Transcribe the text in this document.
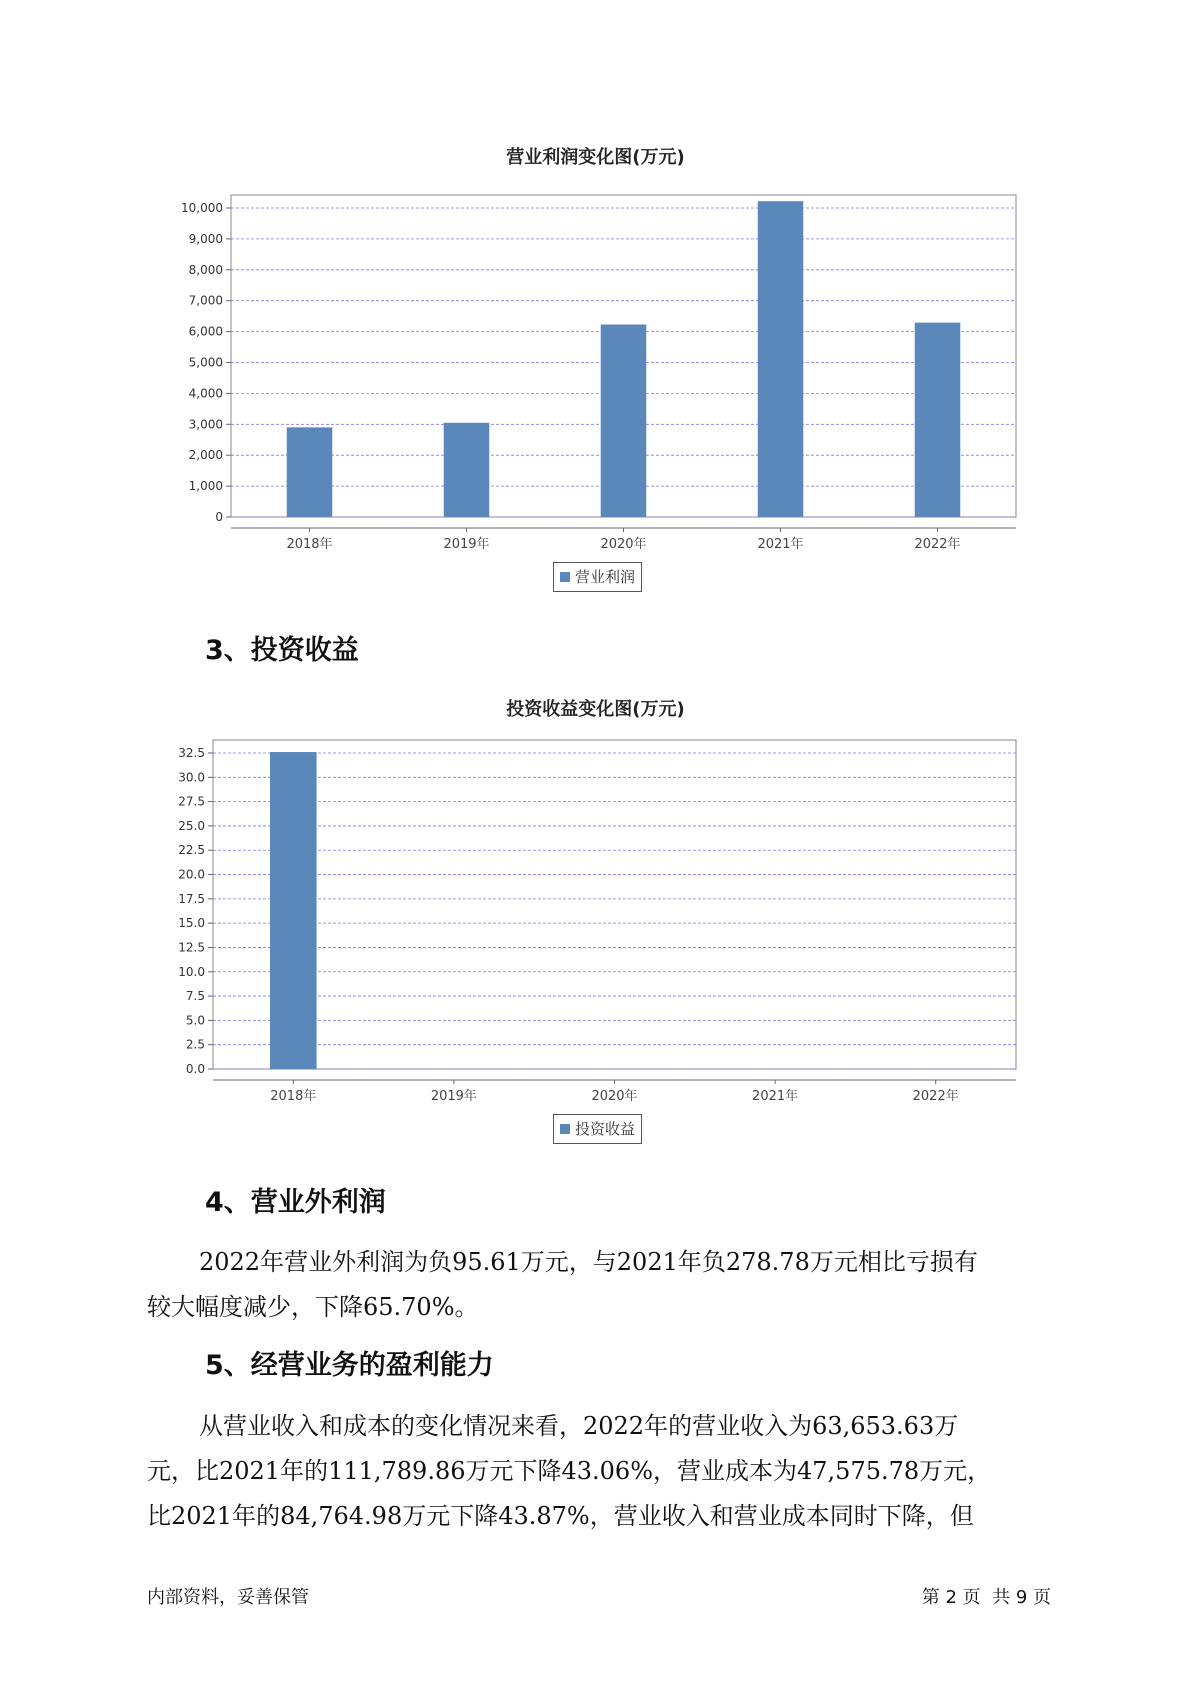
营业利润变化图(万元)
0
1,000
2,000
3,000
4,000
5,000
6,000
7,000
8,000
9,000
10,000
2018年	2019年	2020年	2021年	2022年
营业利润
3、投资收益
投资收益变化图(万元)
0.0
2.5
5.0
7.5
10.0
12.5
15.0
17.5
20.0
22.5
25.0
27.5
30.0
32.5
2018年	2019年	2020年	2021年	2022年
投资收益
4、营业外利润

2022年营业外利润为负95.61万元，与2021年负278.78万元相比亏损有
较大幅度减少，下降65.70%。

5、经营业务的盈利能力

从营业收入和成本的变化情况来看，2022年的营业收入为63,653.63万
元，比2021年的111,789.86万元下降43.06%，营业成本为47,575.78万元，
比2021年的84,764.98万元下降43.87%，营业收入和营业成本同时下降，但

内部资料，妥善保管	第 2 页  共 9 页
